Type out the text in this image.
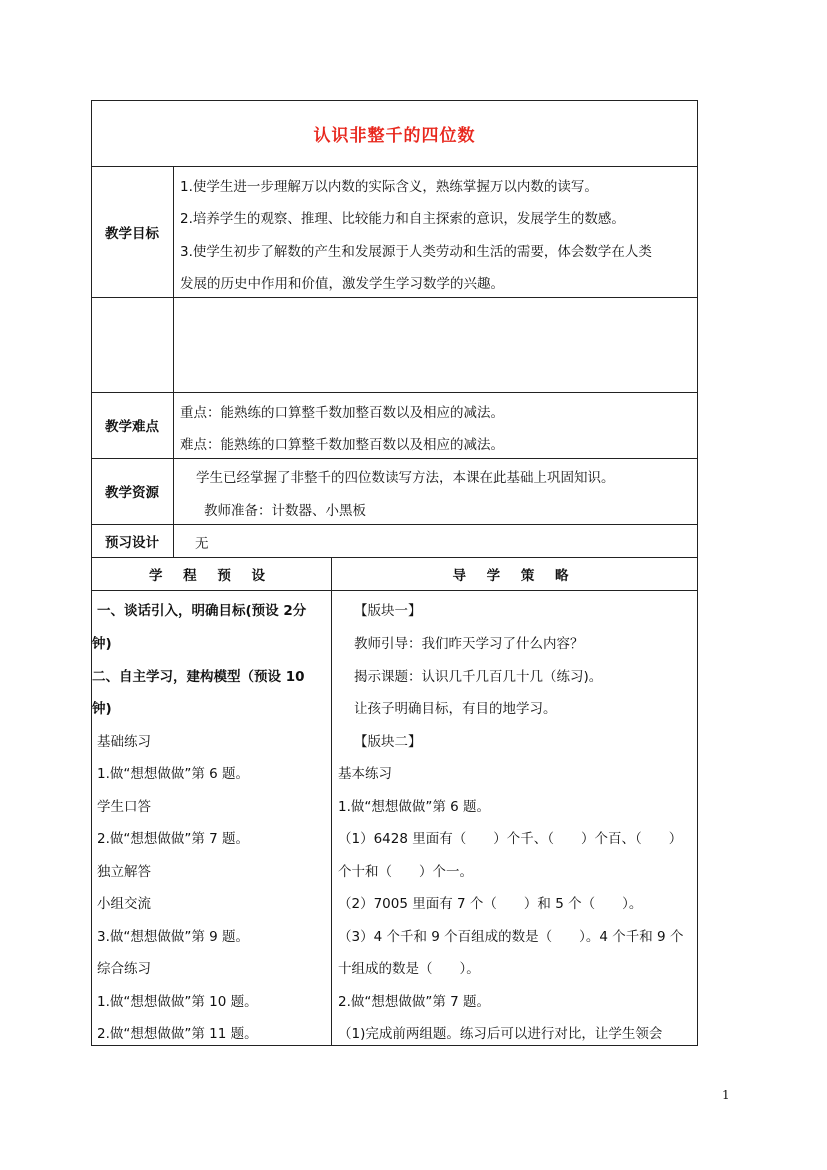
认识非整千的四位数
教学目标
1.使学生进一步理解万以内数的实际含义，熟练掌握万以内数的读写。
2.培养学生的观察、推理、比较能力和自主探索的意识，发展学生的数感。
3.使学生初步了解数的产生和发展源于人类劳动和生活的需要，体会数学在人类
发展的历史中作用和价值，激发学生学习数学的兴趣。
教学难点
重点：能熟练的口算整千数加整百数以及相应的减法。
难点：能熟练的口算整千数加整百数以及相应的减法。
教学资源
学生已经掌握了非整千的四位数读写方法，本课在此基础上巩固知识。
教师准备：计数器、小黑板
预习设计	无
学 程 预 设	导 学 策 略
一、谈话引入，明确目标(预设 2分
钟)
二、自主学习，建构模型（预设 10
钟)
基础练习
1.做“想想做做”第 6 题。
学生口答
2.做“想想做做”第 7 题。
独立解答
小组交流
3.做“想想做做”第 9 题。
综合练习
1.做“想想做做”第 10 题。
2.做“想想做做”第 11 题。
【版块一】
教师引导：我们昨天学习了什么内容？
揭示课题：认识几千几百几十几（练习)。
让孩子明确目标，有目的地学习。
【版块二】
基本练习
1.做“想想做做”第 6 题。
（1）6428 里面有（　　）个千、（　　）个百、（　　）
个十和（　　）个一。
（2）7005 里面有 7 个（　　）和 5 个（　　）。
（3）4 个千和 9 个百组成的数是（　　）。4 个千和 9 个
十组成的数是（　　）。
2.做“想想做做”第 7 题。
（1)完成前两组题。练习后可以进行对比，让学生领会
1
